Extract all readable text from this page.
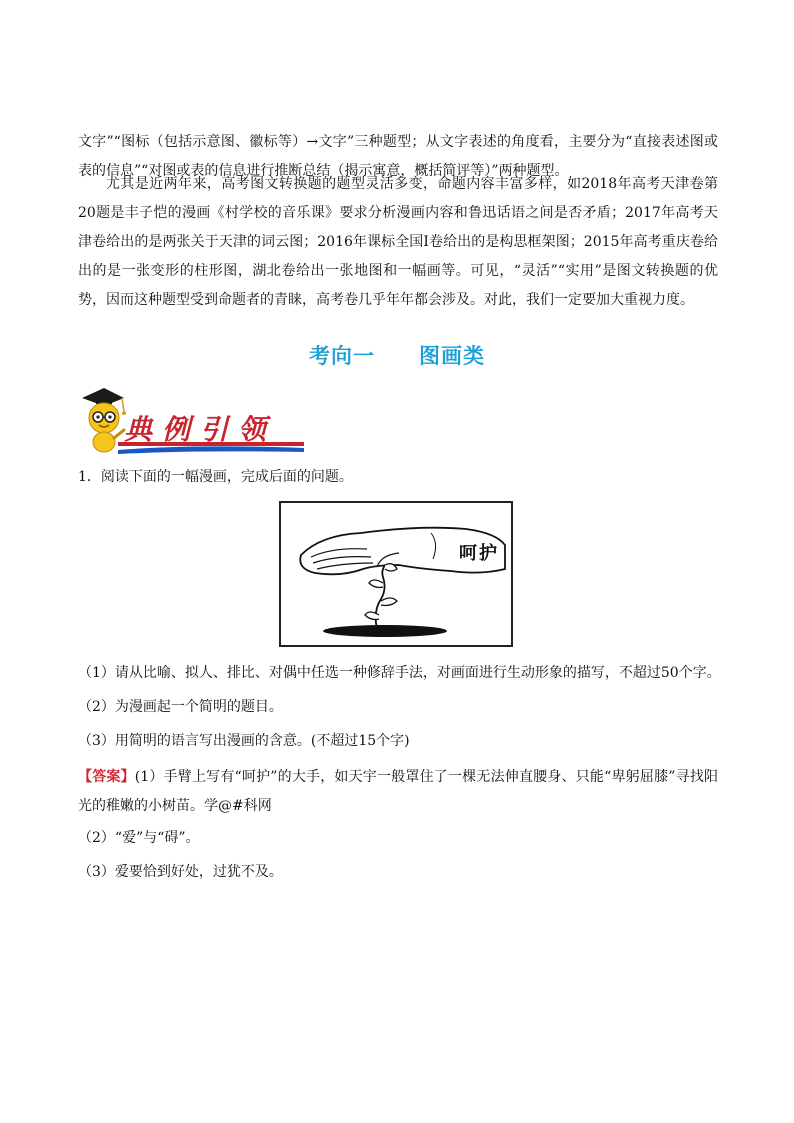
文字”“图标（包括示意图、徽标等）→文字”三种题型；从文字表述的角度看，主要分为“直接表述图或表的信息”“对图或表的信息进行推断总结（揭示寓意，概括简评等）”两种题型。

尤其是近两年来，高考图文转换题的题型灵活多变，命题内容丰富多样，如2018年高考天津卷第20题是丰子恺的漫画《村学校的音乐课》要求分析漫画内容和鲁迅话语之间是否矛盾；2017年高考天津卷给出的是两张关于天津的词云图；2016年课标全国Ⅰ卷给出的是构思框架图；2015年高考重庆卷给出的是一张变形的柱形图，湖北卷给出一张地图和一幅画等。可见，“灵活”“实用”是图文转换题的优势，因而这种题型受到命题者的青睐，高考卷几乎年年都会涉及。对此，我们一定要加大重视力度。

考向一 图画类
典例引领

1．阅读下面的一幅漫画，完成后面的问题。

呵护

（1）请从比喻、拟人、排比、对偶中任选一种修辞手法，对画面进行生动形象的描写，不超过50个字。

（2）为漫画起一个简明的题目。

（3）用简明的语言写出漫画的含意。(不超过15个字)

【答案】(1）手臂上写有“呵护”的大手，如天宇一般罩住了一棵无法伸直腰身、只能“卑躬屈膝”寻找阳光的稚嫩的小树苗。学@#科网

（2）“爱”与“碍”。

（3）爱要恰到好处，过犹不及。
